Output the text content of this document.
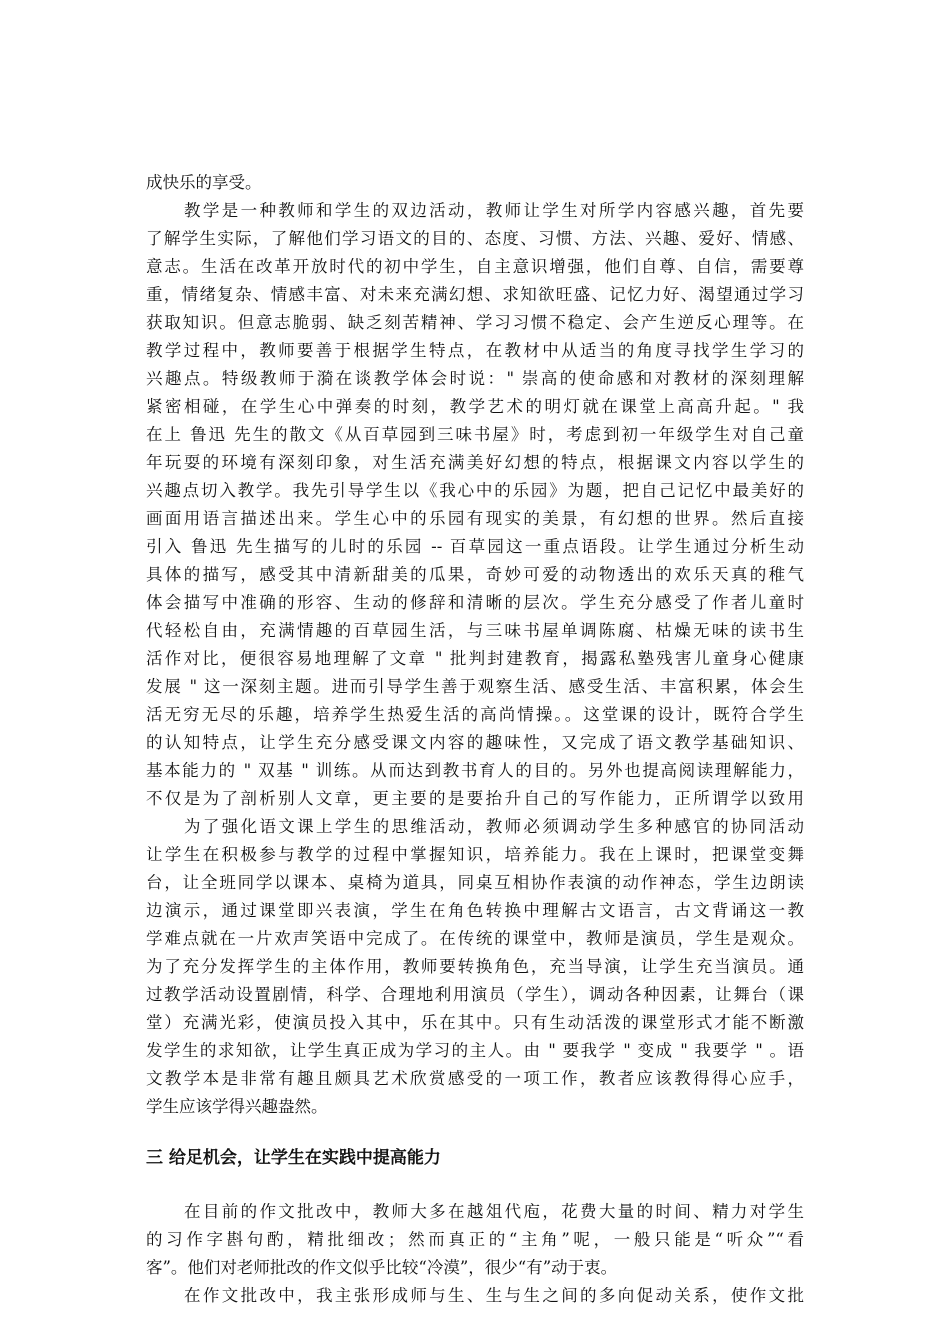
成快乐的享受。
教学是一种教师和学生的双边活动，教师让学生对所学内容感兴趣，首先要
了解学生实际，了解他们学习语文的目的、态度、习惯、方法、兴趣、爱好、情感、
意志。生活在改革开放时代的初中学生，自主意识增强，他们自尊、自信，需要尊
重，情绪复杂、情感丰富、对未来充满幻想、求知欲旺盛、记忆力好、渴望通过学习
获取知识。但意志脆弱、缺乏刻苦精神、学习习惯不稳定、会产生逆反心理等。在
教学过程中，教师要善于根据学生特点，在教材中从适当的角度寻找学生学习的
兴趣点。特级教师于漪在谈教学体会时说：" 崇高的使命感和对教材的深刻理解
紧密相碰，在学生心中弹奏的时刻，教学艺术的明灯就在课堂上高高升起。" 我
在上 鲁迅 先生的散文《从百草园到三味书屋》时，考虑到初一年级学生对自己童
年玩耍的环境有深刻印象，对生活充满美好幻想的特点，根据课文内容以学生的
兴趣点切入教学。我先引导学生以《我心中的乐园》为题，把自己记忆中最美好的
画面用语言描述出来。学生心中的乐园有现实的美景，有幻想的世界。然后直接
引入 鲁迅 先生描写的儿时的乐园 -- 百草园这一重点语段。让学生通过分析生动
具体的描写，感受其中清新甜美的瓜果，奇妙可爱的动物透出的欢乐天真的稚气
体会描写中准确的形容、生动的修辞和清晰的层次。学生充分感受了作者儿童时
代轻松自由，充满情趣的百草园生活，与三味书屋单调陈腐、枯燥无味的读书生
活作对比，便很容易地理解了文章 " 批判封建教育，揭露私塾残害儿童身心健康
发展 " 这一深刻主题。进而引导学生善于观察生活、感受生活、丰富积累，体会生
活无穷无尽的乐趣，培养学生热爱生活的高尚情操。。这堂课的设计，既符合学生
的认知特点，让学生充分感受课文内容的趣味性，又完成了语文教学基础知识、
基本能力的 " 双基 " 训练。从而达到教书育人的目的。另外也提高阅读理解能力，
不仅是为了剖析别人文章，更主要的是要抬升自己的写作能力，正所谓学以致用
为了强化语文课上学生的思维活动，教师必须调动学生多种感官的协同活动
让学生在积极参与教学的过程中掌握知识，培养能力。我在上课时，把课堂变舞
台，让全班同学以课本、桌椅为道具，同桌互相协作表演的动作神态，学生边朗读
边演示，通过课堂即兴表演，学生在角色转换中理解古文语言，古文背诵这一教
学难点就在一片欢声笑语中完成了。在传统的课堂中，教师是演员，学生是观众。
为了充分发挥学生的主体作用，教师要转换角色，充当导演，让学生充当演员。通
过教学活动设置剧情，科学、合理地利用演员（学生），调动各种因素，让舞台（课
堂）充满光彩，使演员投入其中，乐在其中。只有生动活泼的课堂形式才能不断激
发学生的求知欲，让学生真正成为学习的主人。由 " 要我学 " 变成 " 我要学 " 。语
文教学本是非常有趣且颇具艺术欣赏感受的一项工作，教者应该教得得心应手，
学生应该学得兴趣盎然。
三 给足机会，让学生在实践中提高能力
在目前的作文批改中，教师大多在越俎代庖，花费大量的时间、精力对学生
的习作字斟句酌，精批细改；然而真正的“主角”呢，一般只能是“听众”“看
客”。他们对老师批改的作文似乎比较“冷漠”，很少“有”动于衷。
在作文批改中，我主张形成师与生、生与生之间的多向促动关系，使作文批
